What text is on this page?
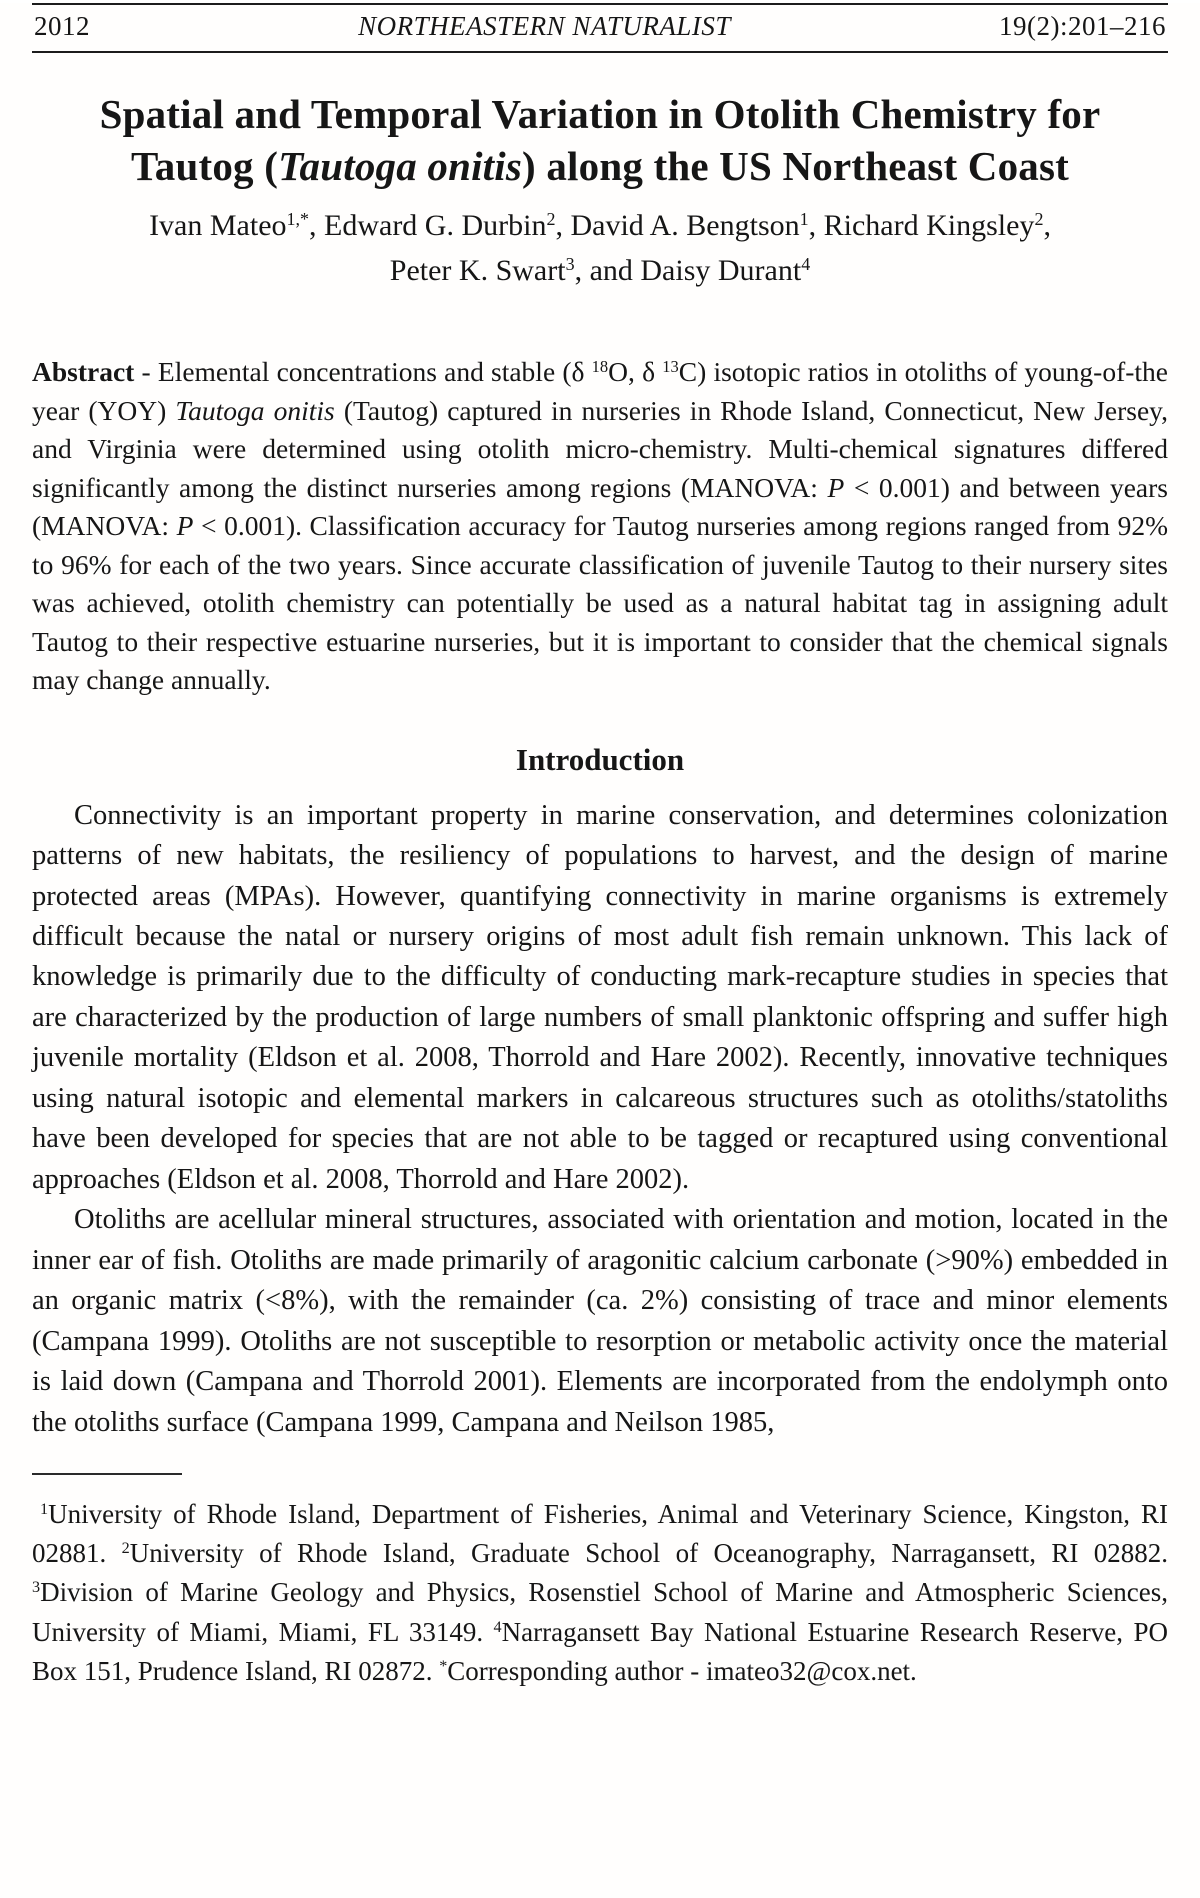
2012	NORTHEASTERN NATURALIST	19(2):201–216
Spatial and Temporal Variation in Otolith Chemistry for
Tautog (Tautoga onitis) along the US Northeast Coast
Ivan Mateo$^{1,*}$, Edward G. Durbin$^2$, David A. Bengtson$^1$, Richard Kingsley$^2$,
Peter K. Swart$^3$, and Daisy Durant$^4$

Abstract - Elemental concentrations and stable (δ $^{18}$O, δ $^{13}$C) isotopic ratios in otoliths of young-of-the year (YOY) Tautoga onitis (Tautog) captured in nurseries in Rhode Island, Connecticut, New Jersey, and Virginia were determined using otolith micro-chemistry. Multi-chemical signatures differed significantly among the distinct nurseries among regions (MANOVA: P < 0.001) and between years (MANOVA: P < 0.001). Classification accuracy for Tautog nurseries among regions ranged from 92% to 96% for each of the two years. Since accurate classification of juvenile Tautog to their nursery sites was achieved, otolith chemistry can potentially be used as a natural habitat tag in assigning adult Tautog to their respective estuarine nurseries, but it is important to consider that the chemical signals may change annually.

Introduction

Connectivity is an important property in marine conservation, and determines colonization patterns of new habitats, the resiliency of populations to harvest, and the design of marine protected areas (MPAs). However, quantifying connectivity in marine organisms is extremely difficult because the natal or nursery origins of most adult fish remain unknown. This lack of knowledge is primarily due to the difficulty of conducting mark-recapture studies in species that are characterized by the production of large numbers of small planktonic offspring and suffer high juvenile mortality (Eldson et al. 2008, Thorrold and Hare 2002). Recently, innovative techniques using natural isotopic and elemental markers in calcareous structures such as otoliths/statoliths have been developed for species that are not able to be tagged or recaptured using conventional approaches (Eldson et al. 2008, Thorrold and Hare 2002).

Otoliths are acellular mineral structures, associated with orientation and motion, located in the inner ear of fish. Otoliths are made primarily of aragonitic calcium carbonate (>90%) embedded in an organic matrix (<8%), with the remainder (ca. 2%) consisting of trace and minor elements (Campana 1999). Otoliths are not susceptible to resorption or metabolic activity once the material is laid down (Campana and Thorrold 2001). Elements are incorporated from the endolymph onto the otoliths surface (Campana 1999, Campana and Neilson 1985,

$^1$University of Rhode Island, Department of Fisheries, Animal and Veterinary Science, Kingston, RI 02881. $^2$University of Rhode Island, Graduate School of Oceanography, Narragansett, RI 02882. $^3$Division of Marine Geology and Physics, Rosenstiel School of Marine and Atmospheric Sciences, University of Miami, Miami, FL 33149. $^4$Narragansett Bay National Estuarine Research Reserve, PO Box 151, Prudence Island, RI 02872. *Corresponding author - imateo32@cox.net.
